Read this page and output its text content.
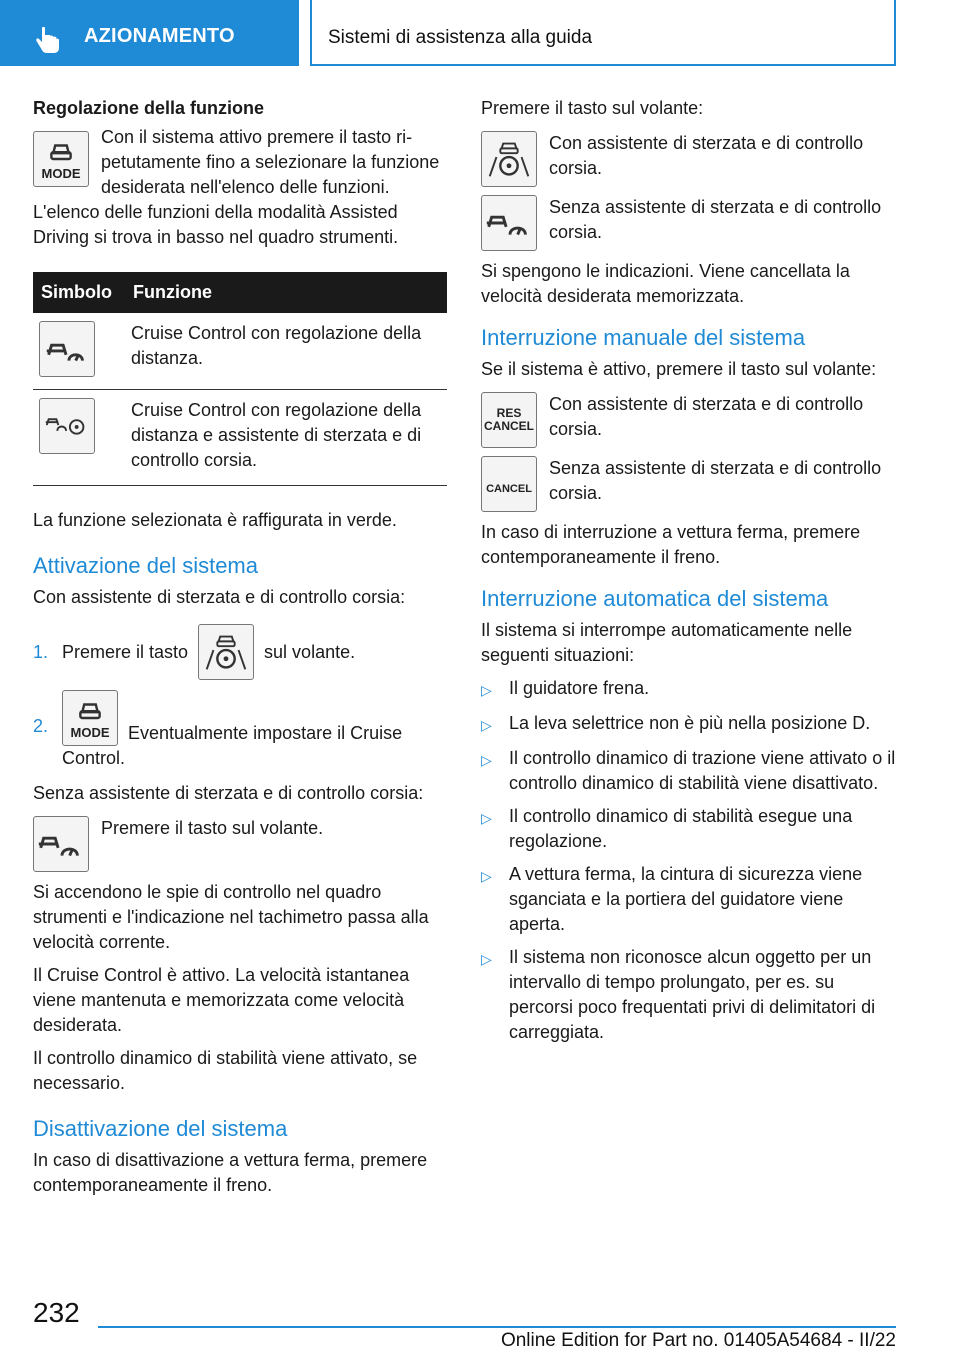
AZIONAMENTO	Sistemi di assistenza alla guida

Regolazione della funzione

MODE

Con il sistema attivo premere il tasto ripetutamente fino a selezionare la funzione desiderata nell'elenco delle funzioni. L'elenco delle funzioni della modalità Assisted Driving si trova in basso nel quadro strumenti.

Simbolo	Funzione

	Cruise Control con regolazione della distanza.

	Cruise Control con regolazione della distanza e assistente di sterzata e di controllo corsia.

La funzione selezionata è raffigurata in verde.

Attivazione del sistema

Con assistente di sterzata e di controllo corsia:

1. Premere il tasto	sul volante.
2.	MODE	Eventualmente impostare il Cruise Control.

Senza assistente di sterzata e di controllo corsia:

Premere il tasto sul volante.

Si accendono le spie di controllo nel quadro strumenti e l'indicazione nel tachimetro passa alla velocità corrente.

Il Cruise Control è attivo. La velocità istantanea viene mantenuta e memorizzata come velocità desiderata.

Il controllo dinamico di stabilità viene attivato, se necessario.

Disattivazione del sistema

In caso di disattivazione a vettura ferma, premere contemporaneamente il freno.

Premere il tasto sul volante:

Con assistente di sterzata e di controllo corsia.
Senza assistente di sterzata e di controllo corsia.

Si spengono le indicazioni. Viene cancellata la velocità desiderata memorizzata.

Interruzione manuale del sistema

Se il sistema è attivo, premere il tasto sul volante:

RES
CANCEL
Con assistente di sterzata e di controllo corsia.
CANCEL
Senza assistente di sterzata e di controllo corsia.

In caso di interruzione a vettura ferma, premere contemporaneamente il freno.

Interruzione automatica del sistema

Il sistema si interrompe automaticamente nelle seguenti situazioni:

▷ Il guidatore frena.
▷ La leva selettrice non è più nella posizione D.
▷ Il controllo dinamico di trazione viene attivato o il controllo dinamico di stabilità viene disattivato.
▷ Il controllo dinamico di stabilità esegue una regolazione.
▷ A vettura ferma, la cintura di sicurezza viene sganciata e la portiera del guidatore viene aperta.
▷ Il sistema non riconosce alcun oggetto per un intervallo di tempo prolungato, per es. su percorsi poco frequentati privi di delimitatori di carreggiata.
232
Online Edition for Part no. 01405A54684 - II/22
